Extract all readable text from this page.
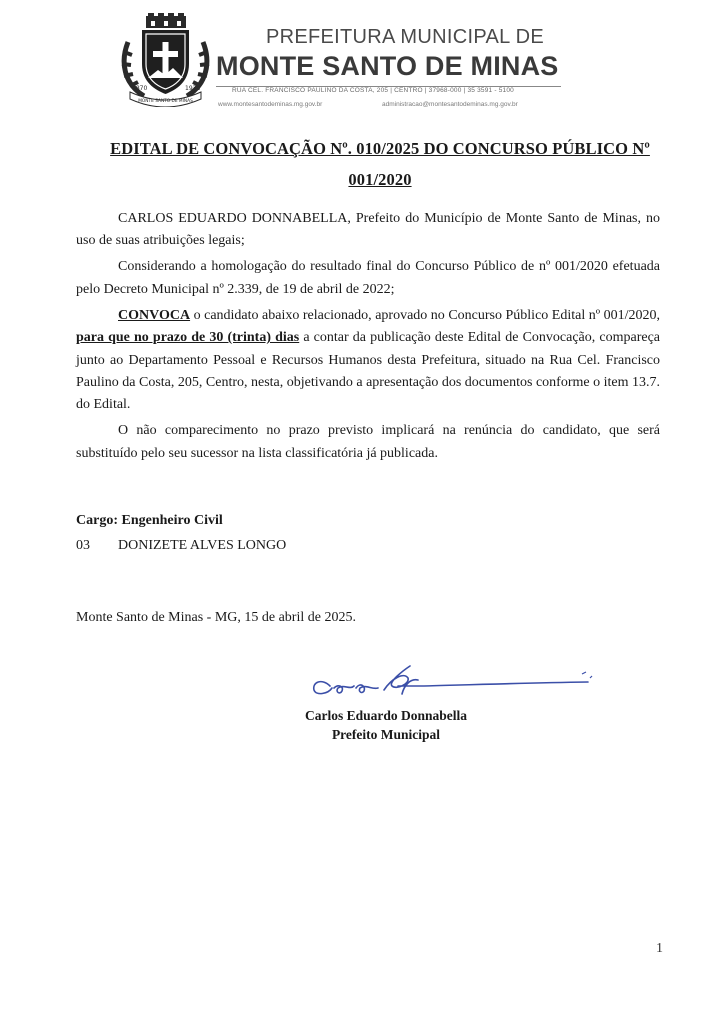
MONTE SANTO DE MINAS
1870	1938
PREFEITURA MUNICIPAL DE
MONTE SANTO DE MINAS
RUA CEL. FRANCISCO PAULINO DA COSTA, 205 | CENTRO | 37968-000 | 35 3591 - 5100
www.montesantodeminas.mg.gov.br	administracao@montesantodeminas.mg.gov.br
EDITAL DE CONVOCAÇÃO Nº. 010/2025 DO CONCURSO PÚBLICO Nº
001/2020

CARLOS EDUARDO DONNABELLA, Prefeito do Município de Monte Santo de Minas, no uso de suas atribuições legais;

Considerando a homologação do resultado final do Concurso Público de nº 001/2020 efetuada pelo Decreto Municipal nº 2.339, de 19 de abril de 2022;

CONVOCA o candidato abaixo relacionado, aprovado no Concurso Público Edital nº 001/2020, para que no prazo de 30 (trinta) dias a contar da publicação deste Edital de Convocação, compareça junto ao Departamento Pessoal e Recursos Humanos desta Prefeitura, situado na Rua Cel. Francisco Paulino da Costa, 205, Centro, nesta, objetivando a apresentação dos documentos conforme o item 13.7. do Edital.

O não comparecimento no prazo previsto implicará na renúncia do candidato, que será substituído pelo seu sucessor na lista classificatória já publicada.

Cargo: Engenheiro Civil
03 DONIZETE ALVES LONGO
Monte Santo de Minas - MG, 15 de abril de 2025.
Carlos Eduardo Donnabella
Prefeito Municipal
1
